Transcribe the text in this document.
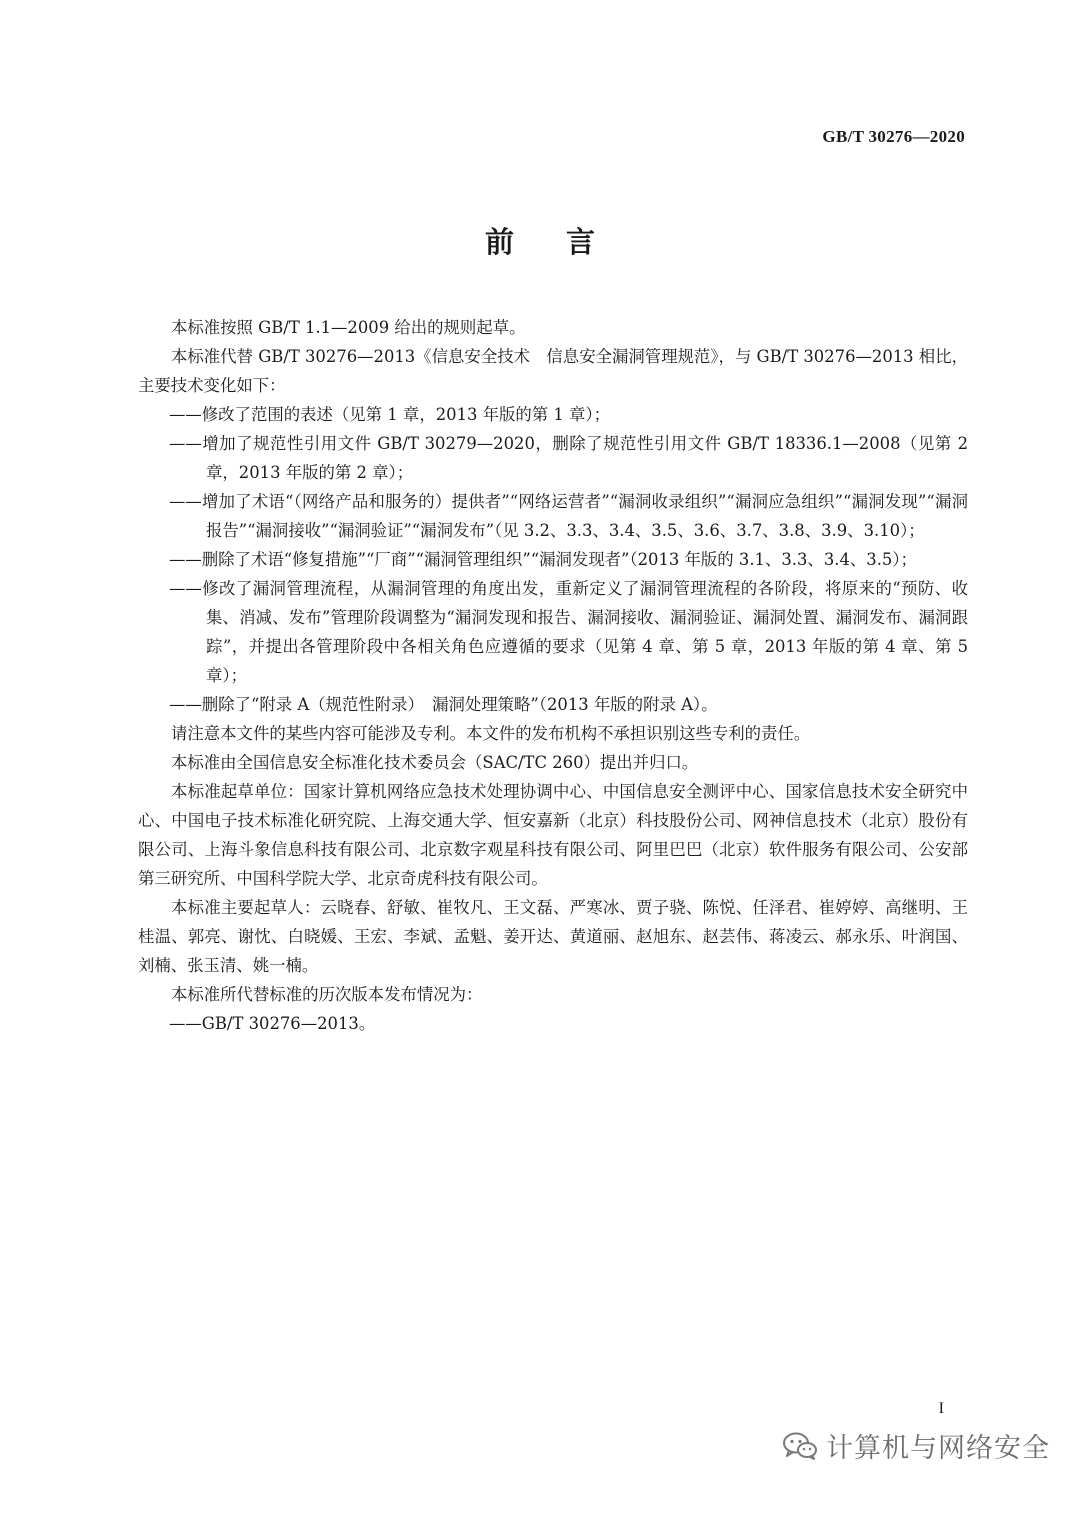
GB/T 30276—2020
前 言

本标准按照 GB/T 1.1—2009 给出的规则起草。

本标准代替 GB/T 30276—2013《信息安全技术　信息安全漏洞管理规范》，与 GB/T 30276—2013 相比，主要技术变化如下：

——修改了范围的表述（见第 1 章，2013 年版的第 1 章）；

——增加了规范性引用文件 GB/T 30279—2020，删除了规范性引用文件 GB/T 18336.1—2008（见第 2 章，2013 年版的第 2 章）；

——增加了术语“（网络产品和服务的）提供者”“网络运营者”“漏洞收录组织”“漏洞应急组织”“漏洞发现”“漏洞报告”“漏洞接收”“漏洞验证”“漏洞发布”（见 3.2、3.3、3.4、3.5、3.6、3.7、3.8、3.9、3.10）；

——删除了术语“修复措施”“厂商”“漏洞管理组织”“漏洞发现者”（2013 年版的 3.1、3.3、3.4、3.5）；

——修改了漏洞管理流程，从漏洞管理的角度出发，重新定义了漏洞管理流程的各阶段，将原来的“预防、收集、消减、发布”管理阶段调整为“漏洞发现和报告、漏洞接收、漏洞验证、漏洞处置、漏洞发布、漏洞跟踪”，并提出各管理阶段中各相关角色应遵循的要求（见第 4 章、第 5 章，2013 年版的第 4 章、第 5 章）；

——删除了“附录 A（规范性附录）　漏洞处理策略”（2013 年版的附录 A）。

请注意本文件的某些内容可能涉及专利。本文件的发布机构不承担识别这些专利的责任。

本标准由全国信息安全标准化技术委员会（SAC/TC 260）提出并归口。

本标准起草单位：国家计算机网络应急技术处理协调中心、中国信息安全测评中心、国家信息技术安全研究中心、中国电子技术标准化研究院、上海交通大学、恒安嘉新（北京）科技股份公司、网神信息技术（北京）股份有限公司、上海斗象信息科技有限公司、北京数字观星科技有限公司、阿里巴巴（北京）软件服务有限公司、公安部第三研究所、中国科学院大学、北京奇虎科技有限公司。

本标准主要起草人：云晓春、舒敏、崔牧凡、王文磊、严寒冰、贾子骁、陈悦、任泽君、崔婷婷、高继明、王桂温、郭亮、谢忱、白晓媛、王宏、李斌、孟魁、姜开达、黄道丽、赵旭东、赵芸伟、蒋凌云、郝永乐、叶润国、刘楠、张玉清、姚一楠。

本标准所代替标准的历次版本发布情况为：

——GB/T 30276—2013。

I
计算机与网络安全
